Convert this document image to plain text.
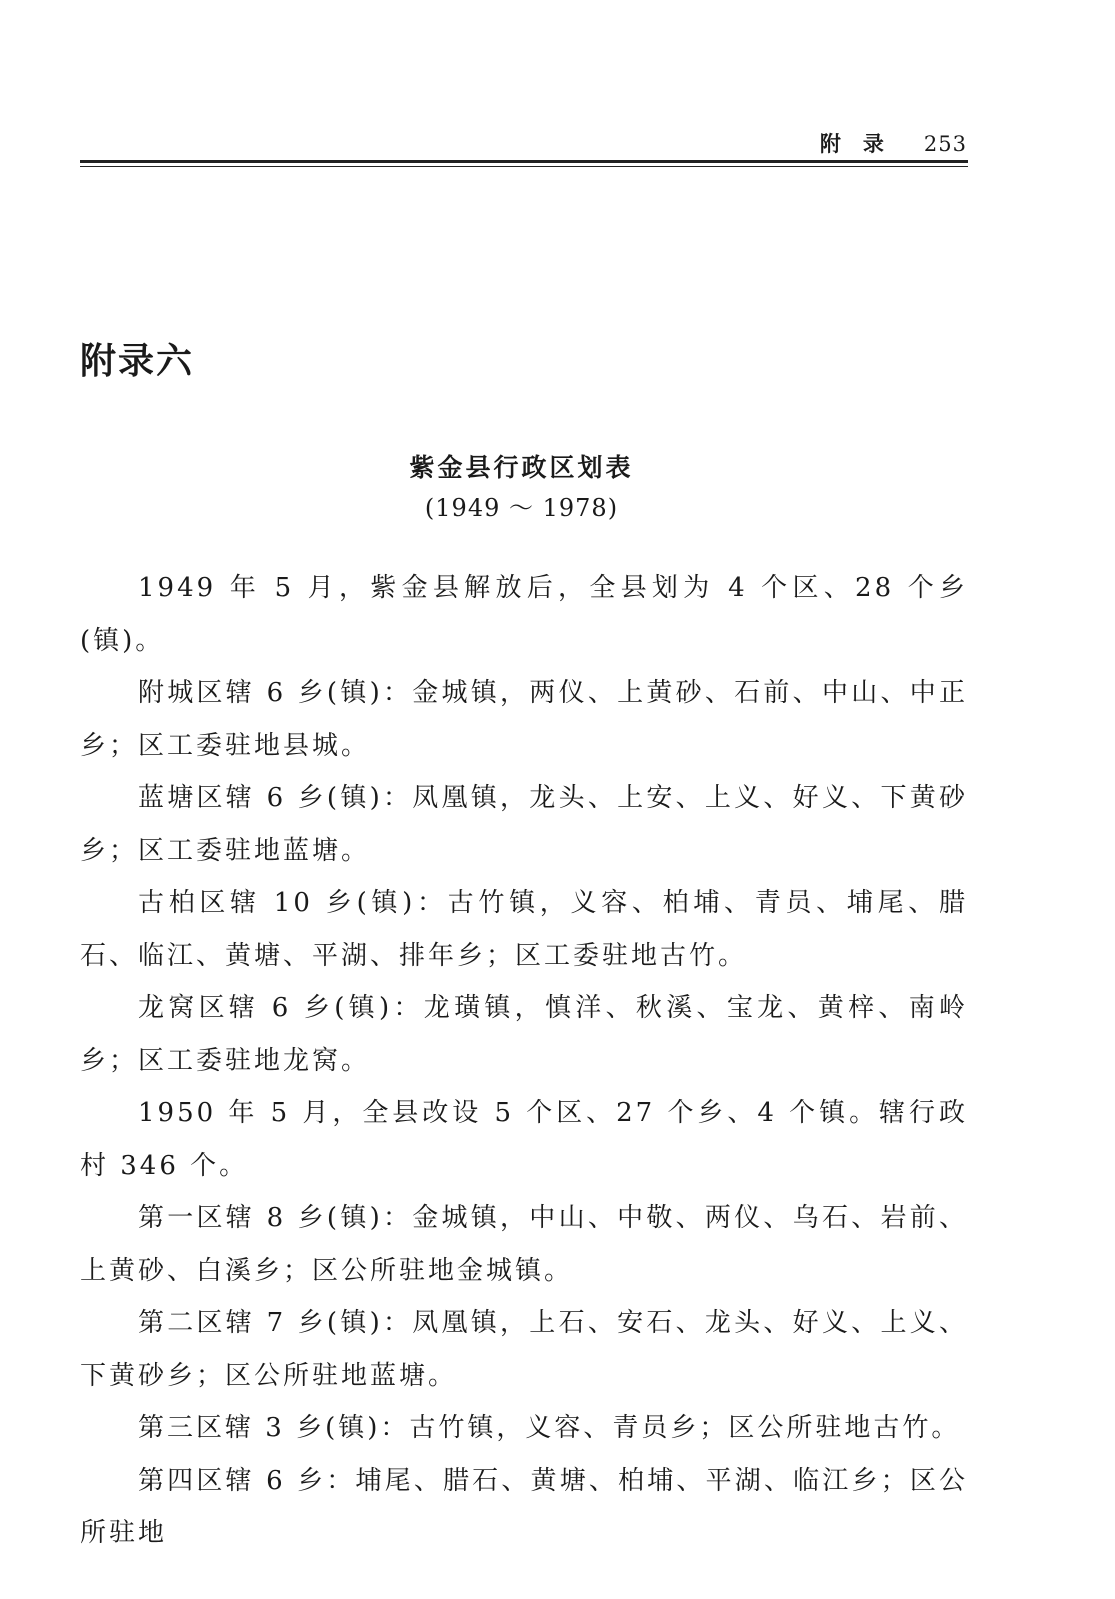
附录 253
附录六
紫金县行政区划表
(1949 ～ 1978)

1949 年 5 月，紫金县解放后，全县划为 4 个区、28 个乡(镇)。

附城区辖 6 乡(镇)：金城镇，两仪、上黄砂、石前、中山、中正乡；区工委驻地县城。

蓝塘区辖 6 乡(镇)：凤凰镇，龙头、上安、上义、好义、下黄砂乡；区工委驻地蓝塘。

古柏区辖 10 乡(镇)：古竹镇，义容、柏埔、青员、埔尾、腊石、临江、黄塘、平湖、排年乡；区工委驻地古竹。

龙窝区辖 6 乡(镇)：龙璜镇，慎洋、秋溪、宝龙、黄梓、南岭乡；区工委驻地龙窝。

1950 年 5 月，全县改设 5 个区、27 个乡、4 个镇。辖行政村 346 个。

第一区辖 8 乡(镇)：金城镇，中山、中敬、两仪、乌石、岩前、上黄砂、白溪乡；区公所驻地金城镇。

第二区辖 7 乡(镇)：凤凰镇，上石、安石、龙头、好义、上义、下黄砂乡；区公所驻地蓝塘。

第三区辖 3 乡(镇)：古竹镇，义容、青员乡；区公所驻地古竹。

第四区辖 6 乡：埔尾、腊石、黄塘、柏埔、平湖、临江乡；区公所驻地
